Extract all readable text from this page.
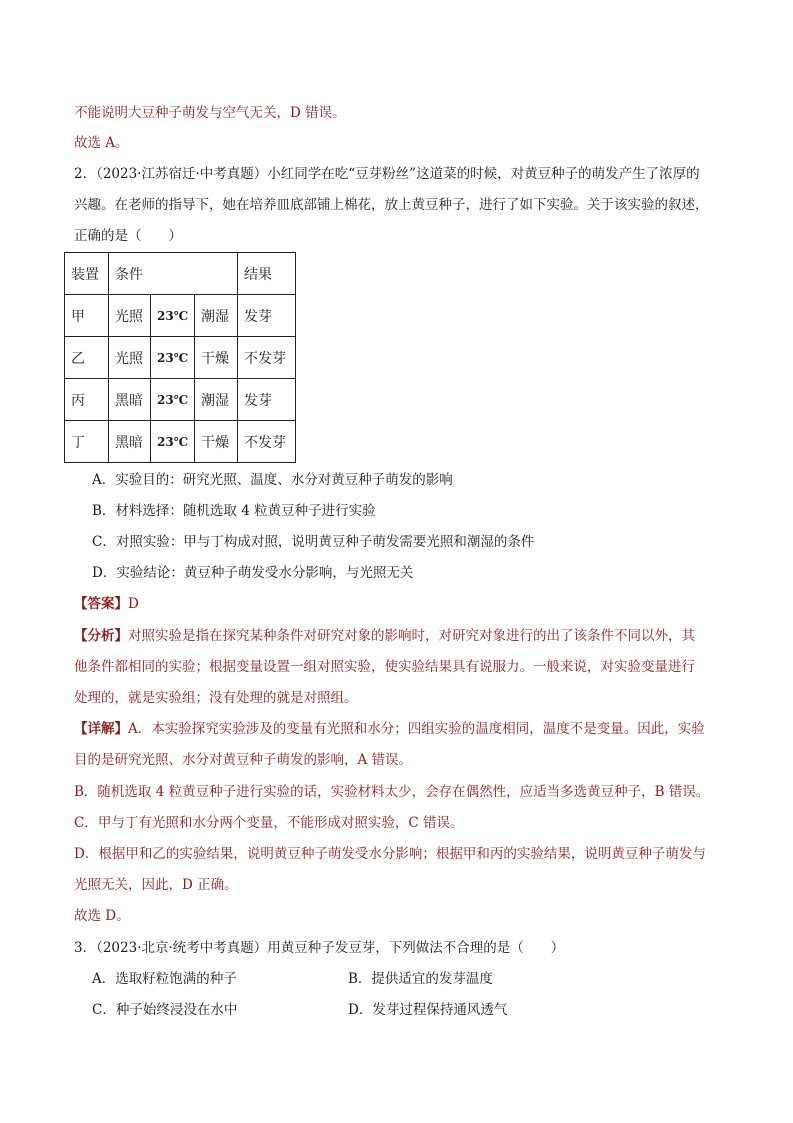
不能说明大豆种子萌发与空气无关，D 错误。
故选 A。
2．（2023·江苏宿迁·中考真题）小红同学在吃“豆芽粉丝”这道菜的时候，对黄豆种子的萌发产生了浓厚的
兴趣。在老师的指导下，她在培养皿底部铺上棉花，放上黄豆种子，进行了如下实验。关于该实验的叙述，
正确的是（　　）
装置	条件			结果
甲	光照	23℃	潮湿	发芽
乙	光照	23℃	干燥	不发芽
丙	黑暗	23℃	潮湿	发芽
丁	黑暗	23℃	干燥	不发芽
A．实验目的：研究光照、温度、水分对黄豆种子萌发的影响
B．材料选择：随机选取 4 粒黄豆种子进行实验
C．对照实验：甲与丁构成对照，说明黄豆种子萌发需要光照和潮湿的条件
D．实验结论：黄豆种子萌发受水分影响，与光照无关
【答案】D
【分析】对照实验是指在探究某种条件对研究对象的影响时，对研究对象进行的出了该条件不同以外，其
他条件都相同的实验；根据变量设置一组对照实验，使实验结果具有说服力。一般来说，对实验变量进行
处理的，就是实验组；没有处理的就是对照组。
【详解】A．本实验探究实验涉及的变量有光照和水分；四组实验的温度相同，温度不是变量。因此，实验
目的是研究光照、水分对黄豆种子萌发的影响，A 错误。
B．随机选取 4 粒黄豆种子进行实验的话，实验材料太少，会存在偶然性，应适当多选黄豆种子，B 错误。
C．甲与丁有光照和水分两个变量，不能形成对照实验，C 错误。
D．根据甲和乙的实验结果，说明黄豆种子萌发受水分影响；根据甲和丙的实验结果，说明黄豆种子萌发与
光照无关，因此，D 正确。
故选 D。
3．（2023·北京·统考中考真题）用黄豆种子发豆芽，下列做法不合理的是（　　）
A．选取籽粒饱满的种子	B．提供适宜的发芽温度
C．种子始终浸没在水中	D．发芽过程保持通风透气
